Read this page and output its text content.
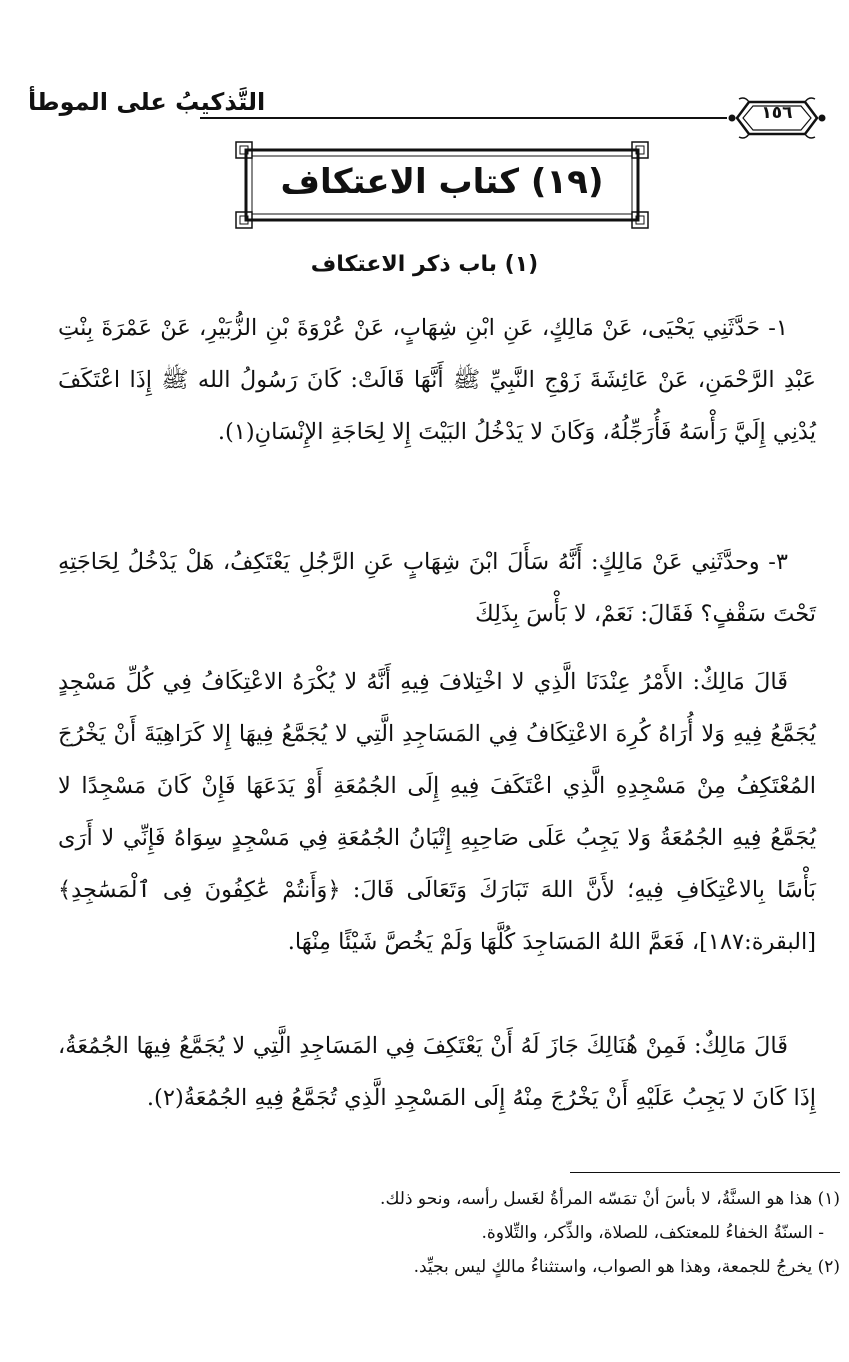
التَّذكيبُ على الموطأ	١٥٦
(١٩) كتاب الاعتكاف
(١) باب ذكر الاعتكاف

١- حَدَّثَنِي يَحْيَى، عَنْ مَالِكٍ، عَنِ ابْنِ شِهَابٍ، عَنْ عُرْوَةَ بْنِ الزُّبَيْرِ، عَنْ عَمْرَةَ بِنْتِ عَبْدِ الرَّحْمَنِ، عَنْ عَائِشَةَ زَوْجِ النَّبِيِّ ﷺ أَنَّهَا قَالَتْ: كَانَ رَسُولُ الله ﷺ إِذَا اعْتَكَفَ يُدْنِي إِلَيَّ رَأْسَهُ فَأُرَجِّلُهُ، وَكَانَ لا يَدْخُلُ البَيْتَ إِلا لِحَاجَةِ الإِنْسَانِ(١).

٣- وحدَّثَنِي عَنْ مَالِكٍ: أَنَّهُ سَأَلَ ابْنَ شِهَابٍ عَنِ الرَّجُلِ يَعْتَكِفُ، هَلْ يَدْخُلُ لِحَاجَتِهِ تَحْتَ سَقْفٍ؟ فَقَالَ: نَعَمْ، لا بَأْسَ بِذَلِكَ

قَالَ مَالِكٌ: الأَمْرُ عِنْدَنَا الَّذِي لا اخْتِلافَ فِيهِ أَنَّهُ لا يُكْرَهُ الاعْتِكَافُ فِي كُلِّ مَسْجِدٍ يُجَمَّعُ فِيهِ وَلا أُرَاهُ كُرِهَ الاعْتِكَافُ فِي المَسَاجِدِ الَّتِي لا يُجَمَّعُ فِيهَا إِلا كَرَاهِيَةَ أَنْ يَخْرُجَ المُعْتَكِفُ مِنْ مَسْجِدِهِ الَّذِي اعْتَكَفَ فِيهِ إِلَى الجُمُعَةِ أَوْ يَدَعَهَا فَإِنْ كَانَ مَسْجِدًا لا يُجَمَّعُ فِيهِ الجُمُعَةُ وَلا يَجِبُ عَلَى صَاحِبِهِ إِتْيَانُ الجُمُعَةِ فِي مَسْجِدٍ سِوَاهُ فَإِنِّي لا أَرَى بَأْسًا بِالاعْتِكَافِ فِيهِ؛ لأَنَّ اللهَ تَبَارَكَ وَتَعَالَى قَالَ: ﴿وَأَنتُمْ عَٰكِفُونَ فِى ٱلْمَسَٰجِدِ﴾ [البقرة:١٨٧]، فَعَمَّ اللهُ المَسَاجِدَ كُلَّهَا وَلَمْ يَخُصَّ شَيْئًا مِنْهَا.

قَالَ مَالِكٌ: فَمِنْ هُنَالِكَ جَازَ لَهُ أَنْ يَعْتَكِفَ فِي المَسَاجِدِ الَّتِي لا يُجَمَّعُ فِيهَا الجُمُعَةُ، إِذَا كَانَ لا يَجِبُ عَلَيْهِ أَنْ يَخْرُجَ مِنْهُ إِلَى المَسْجِدِ الَّذِي تُجَمَّعُ فِيهِ الجُمُعَةُ(٢).

(١) هذا هو السنَّةُ، لا بأسَ أنْ تمَسّه المرأةُ لغَسل رأسه، ونحو ذلك.
- السنّةُ الخفاءُ للمعتكف، للصلاة، والذِّكر، والتِّلاوة.
(٢) يخرجُ للجمعة، وهذا هو الصواب، واستثناءُ مالكٍ ليس بجيِّد.
